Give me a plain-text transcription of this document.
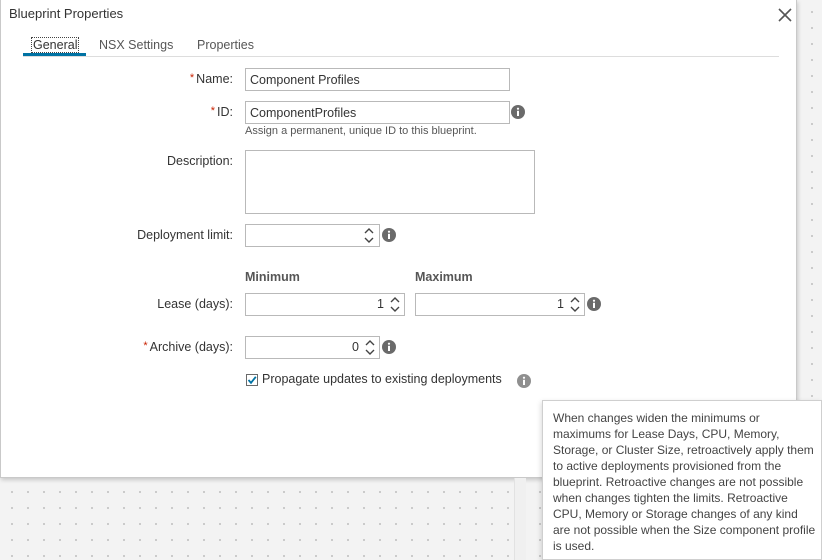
Blueprint Properties
General NSX Settings Properties
* Name:
Component Profiles
* ID:
ComponentProfiles
Assign a permanent, unique ID to this blueprint.
Description:
Deployment limit:
Minimum	Maximum
Lease (days):	1	1
* Archive (days):	0
Propagate updates to existing deployments
When changes widen the minimums or maximums for Lease Days, CPU, Memory, Storage, or Cluster Size, retroactively apply them to active deployments provisioned from the blueprint. Retroactive changes are not possible when changes tighten the limits. Retroactive CPU, Memory or Storage changes of any kind are not possible when the Size component profile is used.
